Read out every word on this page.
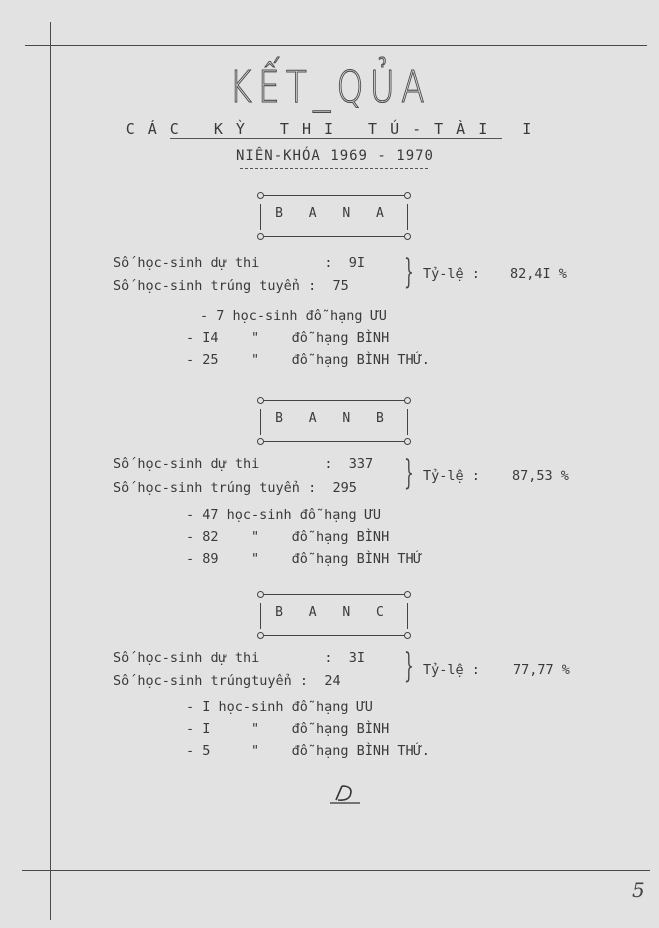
KẾT_QỦA
CÁC KỲ THI TÚ-TÀI I
NIÊN-KHÓA 1969 - 1970
B A N A
Số học-sinh dự thi        :  9I
Số học-sinh trúng tuyển :  75 } Tỷ-lệ : 82,4I %
- 7 học-sinh đỗ hạng ƯU
- I4    "    đỗ hạng BÌNH
- 25    "    đỗ hạng BÌNH THỨ.
B A N B
Số học-sinh dự thi        :  337
Số học-sinh trúng tuyển :  295 } Tỷ-lệ : 87,53 %
- 47 học-sinh đỗ hạng ƯU
- 82    "    đỗ hạng BÌNH
- 89    "    đỗ hạng BÌNH THỨ
B A N C
Số học-sinh dự thi        :  3I
Số học-sinh trúngtuyển :  24 } Tỷ-lệ : 77,77 %
- I học-sinh đỗ hạng ƯU
- I     "    đỗ hạng BÌNH
- 5     "    đỗ hạng BÌNH THỨ.
5
